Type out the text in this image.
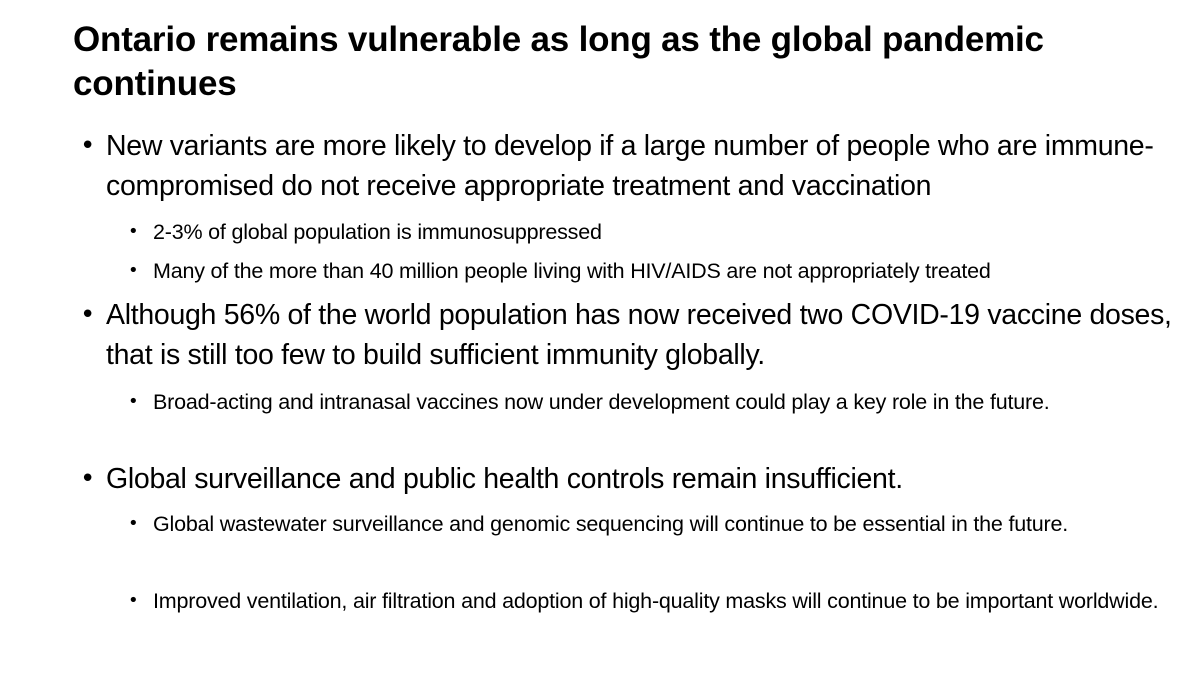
Ontario remains vulnerable as long as the global pandemic continues
• New variants are more likely to develop if a large number of people who are immune-compromised do not receive appropriate treatment and vaccination
• 2-3% of global population is immunosuppressed
• Many of the more than 40 million people living with HIV/AIDS are not appropriately treated
• Although 56% of the world population has now received two COVID-19 vaccine doses, that is still too few to build sufficient immunity globally.
• Broad-acting and intranasal vaccines now under development could play a key role in the future.
• Global surveillance and public health controls remain insufficient.
• Global wastewater surveillance and genomic sequencing will continue to be essential in the future.
• Improved ventilation, air filtration and adoption of high-quality masks will continue to be important worldwide.
